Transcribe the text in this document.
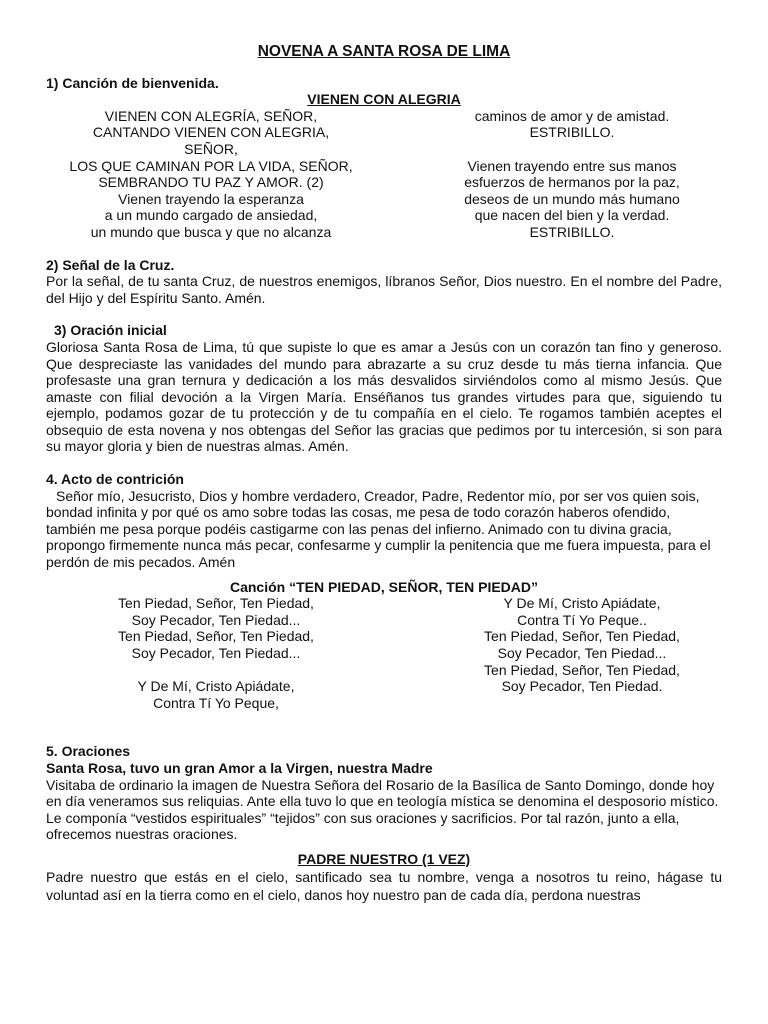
NOVENA A SANTA ROSA DE LIMA
1) Canción de bienvenida.
VIENEN CON ALEGRIA
VIENEN CON ALEGRÍA, SEÑOR,
CANTANDO VIENEN CON ALEGRIA,
SEÑOR,
LOS QUE CAMINAN POR LA VIDA, SEÑOR,
SEMBRANDO TU PAZ Y AMOR. (2)
Vienen trayendo la esperanza
a un mundo cargado de ansiedad,
un mundo que busca y que no alcanza
caminos de amor y de amistad.
ESTRIBILLO.

Vienen trayendo entre sus manos
esfuerzos de hermanos por la paz,
deseos de un mundo más humano
que nacen del bien y la verdad.
ESTRIBILLO.
2) Señal de la Cruz.
Por la señal, de tu santa Cruz, de nuestros enemigos, líbranos Señor, Dios nuestro. En el nombre del Padre, del Hijo y del Espíritu Santo. Amén.
3) Oración inicial
Gloriosa Santa Rosa de Lima, tú que supiste lo que es amar a Jesús con un corazón tan fino y generoso. Que despreciaste las vanidades del mundo para abrazarte a su cruz desde tu más tierna infancia. Que profesaste una gran ternura y dedicación a los más desvalidos sirviéndolos como al mismo Jesús. Que amaste con filial devoción a la Virgen María. Enséñanos tus grandes virtudes para que, siguiendo tu ejemplo, podamos gozar de tu protección y de tu compañía en el cielo. Te rogamos también aceptes el obsequio de esta novena y nos obtengas del Señor las gracias que pedimos por tu intercesión, si son para su mayor gloria y bien de nuestras almas. Amén.
4. Acto de contrición
Señor mío, Jesucristo, Dios y hombre verdadero, Creador, Padre, Redentor mío, por ser vos quien sois, bondad infinita y por qué os amo sobre todas las cosas, me pesa de todo corazón haberos ofendido, también me pesa porque podéis castigarme con las penas del infierno. Animado con tu divina gracia, propongo firmemente nunca más pecar, confesarme y cumplir la penitencia que me fuera impuesta, para el perdón de mis pecados. Amén
Canción “TEN PIEDAD, SEÑOR, TEN PIEDAD”
Ten Piedad, Señor, Ten Piedad,
Soy Pecador, Ten Piedad...
Ten Piedad, Señor, Ten Piedad,
Soy Pecador, Ten Piedad...

Y De Mí, Cristo Apiádate,
Contra Tí Yo Peque,
Y De Mí, Cristo Apiádate,
Contra Tí Yo Peque..
Ten Piedad, Señor, Ten Piedad,
Soy Pecador, Ten Piedad...
Ten Piedad, Señor, Ten Piedad,
Soy Pecador, Ten Piedad.
5. Oraciones
Santa Rosa, tuvo un gran Amor a la Virgen, nuestra Madre
Visitaba de ordinario la imagen de Nuestra Señora del Rosario de la Basílica de Santo Domingo, donde hoy en día veneramos sus reliquias. Ante ella tuvo lo que en teología mística se denomina el desposorio místico.
Le componía “vestidos espirituales” “tejidos” con sus oraciones y sacrificios. Por tal razón, junto a ella, ofrecemos nuestras oraciones.
PADRE NUESTRO (1 VEZ)
Padre nuestro que estás en el cielo, santificado sea tu nombre, venga a nosotros tu reino, hágase tu voluntad así en la tierra como en el cielo, danos hoy nuestro pan de cada día, perdona nuestras
